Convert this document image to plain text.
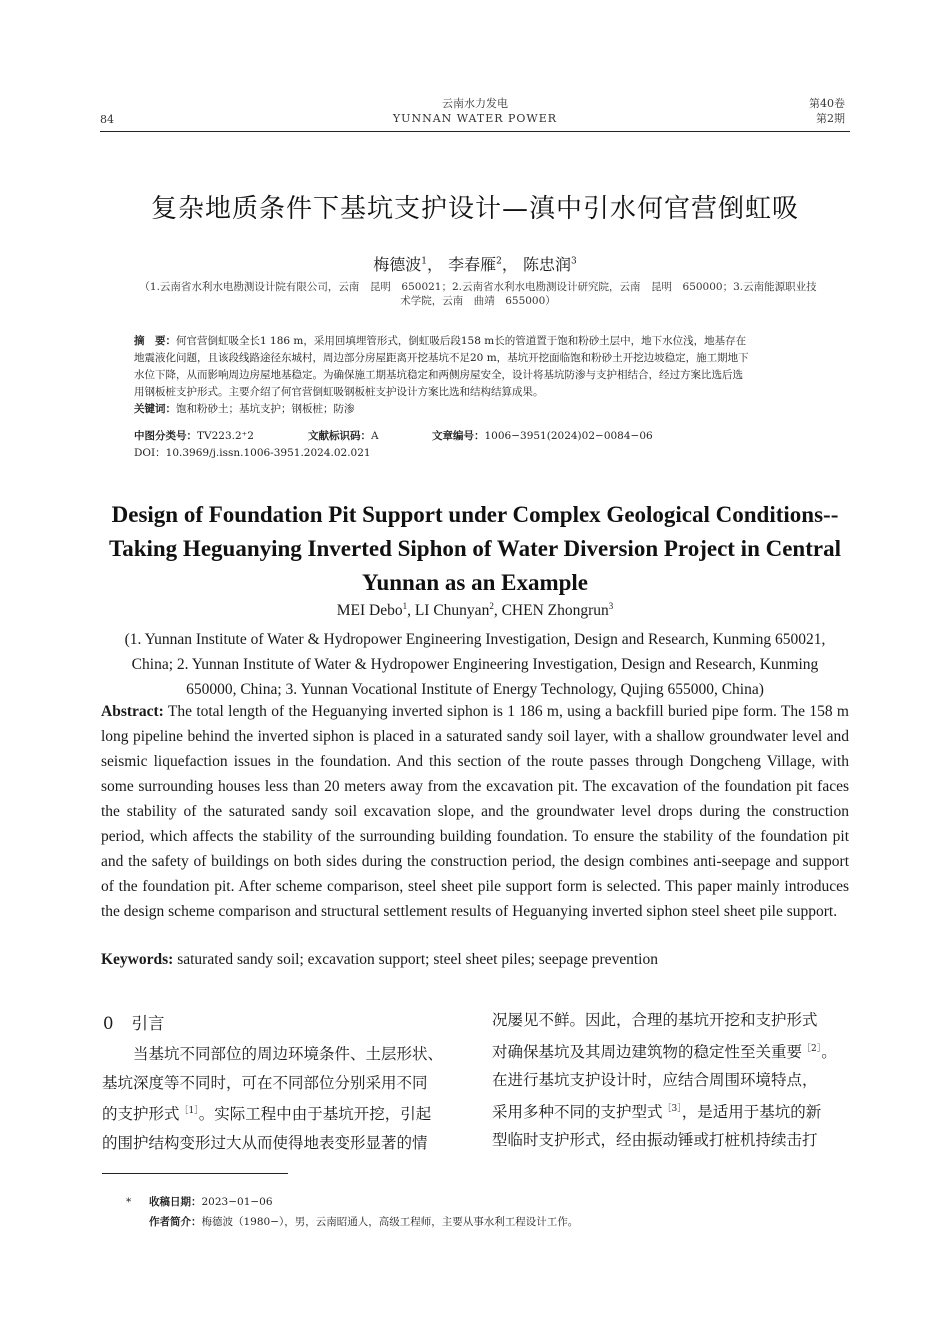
84
云南水力发电
YUNNAN WATER POWER
第40卷
第2期
复杂地质条件下基坑支护设计—滇中引水何官营倒虹吸
梅德波$^1$， 李春雁$^2$， 陈忠润$^3$
（1.云南省水利水电勘测设计院有限公司，云南　昆明　650021；2.云南省水利水电勘测设计研究院，云南　昆明　650000；3.云南能源职业技
术学院，云南　曲靖　655000）
摘　要：何官营倒虹吸全长1 186 m，采用回填埋管形式，倒虹吸后段158 m长的管道置于饱和粉砂土层中，地下水位浅，地基存在
地震液化问题，且该段线路途径东城村，周边部分房屋距离开挖基坑不足20 m，基坑开挖面临饱和粉砂土开挖边坡稳定，施工期地下
水位下降，从而影响周边房屋地基稳定。为确保施工期基坑稳定和两侧房屋安全，设计将基坑防渗与支护相结合，经过方案比选后选
用钢板桩支护形式。主要介绍了何官营倒虹吸钢板桩支护设计方案比选和结构结算成果。
关键词：饱和粉砂土；基坑支护；钢板桩；防渗
中图分类号：TV223.2⁺2	文献标识码：A	文章编号：1006−3951(2024)02−0084−06
DOI：10.3969/j.issn.1006-3951.2024.02.021
Design of Foundation Pit Support under Complex Geological Conditions--
Taking Heguanying Inverted Siphon of Water Diversion Project in Central
Yunnan as an Example
MEI Debo$^1$, LI Chunyan$^2$, CHEN Zhongrun$^3$
(1. Yunnan Institute of Water & Hydropower Engineering Investigation, Design and Research, Kunming 650021,
China; 2. Yunnan Institute of Water & Hydropower Engineering Investigation, Design and Research, Kunming
650000, China; 3. Yunnan Vocational Institute of Energy Technology, Qujing 655000, China)
Abstract: The total length of the Heguanying inverted siphon is 1 186 m, using a backfill buried pipe form. The 158 m long pipeline behind the inverted siphon is placed in a saturated sandy soil layer, with a shallow groundwater level and seismic liquefaction issues in the foundation. And this section of the route passes through Dongcheng Village, with some surrounding houses less than 20 meters away from the excavation pit. The excavation of the foundation pit faces the stability of the saturated sandy soil excavation slope, and the groundwater level drops during the construction period, which affects the stability of the surrounding building foundation. To ensure the stability of the foundation pit and the safety of buildings on both sides during the construction period, the design combines anti-seepage and support of the foundation pit. After scheme comparison, steel sheet pile support form is selected. This paper mainly introduces the design scheme comparison and structural settlement results of Heguanying inverted siphon steel sheet pile support.
Keywords: saturated sandy soil; excavation support; steel sheet piles; seepage prevention
0 引言
当基坑不同部位的周边环境条件、土层形状、
基坑深度等不同时，可在不同部位分别采用不同
的支护形式$^{[1]}$。实际工程中由于基坑开挖，引起
的围护结构变形过大从而使得地表变形显著的情
况屡见不鲜。因此，合理的基坑开挖和支护形式
对确保基坑及其周边建筑物的稳定性至关重要$^{[2]}$。
在进行基坑支护设计时，应结合周围环境特点，
采用多种不同的支护型式$^{[3]}$，是适用于基坑的新
型临时支护形式，经由振动锤或打桩机持续击打
* 收稿日期：2023−01−06
作者简介：梅德波（1980−），男，云南昭通人，高级工程师，主要从事水利工程设计工作。
